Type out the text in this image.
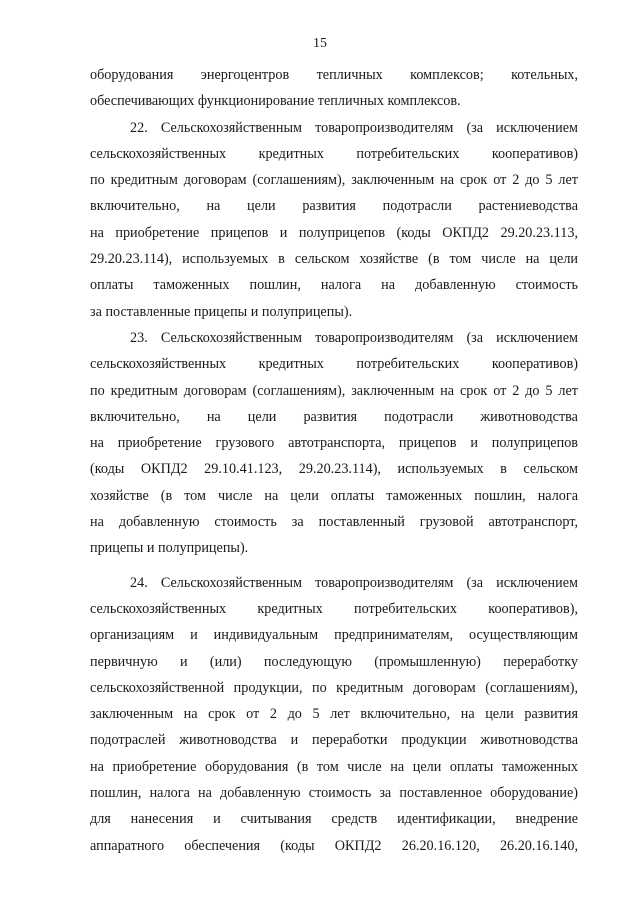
15
оборудования энергоцентров тепличных комплексов; котельных,
обеспечивающих функционирование тепличных комплексов.
22. Сельскохозяйственным товаропроизводителям (за исключением
сельскохозяйственных кредитных потребительских кооперативов)
по кредитным договорам (соглашениям), заключенным на срок от 2 до 5 лет
включительно, на цели развития подотрасли растениеводства
на приобретение прицепов и полуприцепов (коды ОКПД2 29.20.23.113,
29.20.23.114), используемых в сельском хозяйстве (в том числе на цели
оплаты таможенных пошлин, налога на добавленную стоимость
за поставленные прицепы и полуприцепы).
23. Сельскохозяйственным товаропроизводителям (за исключением
сельскохозяйственных кредитных потребительских кооперативов)
по кредитным договорам (соглашениям), заключенным на срок от 2 до 5 лет
включительно, на цели развития подотрасли животноводства
на приобретение грузового автотранспорта, прицепов и полуприцепов
(коды ОКПД2 29.10.41.123, 29.20.23.114), используемых в сельском
хозяйстве (в том числе на цели оплаты таможенных пошлин, налога
на добавленную стоимость за поставленный грузовой автотранспорт,
прицепы и полуприцепы).
24. Сельскохозяйственным товаропроизводителям (за исключением
сельскохозяйственных кредитных потребительских кооперативов),
организациям и индивидуальным предпринимателям, осуществляющим
первичную и (или) последующую (промышленную) переработку
сельскохозяйственной продукции, по кредитным договорам (соглашениям),
заключенным на срок от 2 до 5 лет включительно, на цели развития
подотраслей животноводства и переработки продукции животноводства
на приобретение оборудования (в том числе на цели оплаты таможенных
пошлин, налога на добавленную стоимость за поставленное оборудование)
для нанесения и считывания средств идентификации, внедрение
аппаратного обеспечения (коды ОКПД2 26.20.16.120, 26.20.16.140,
